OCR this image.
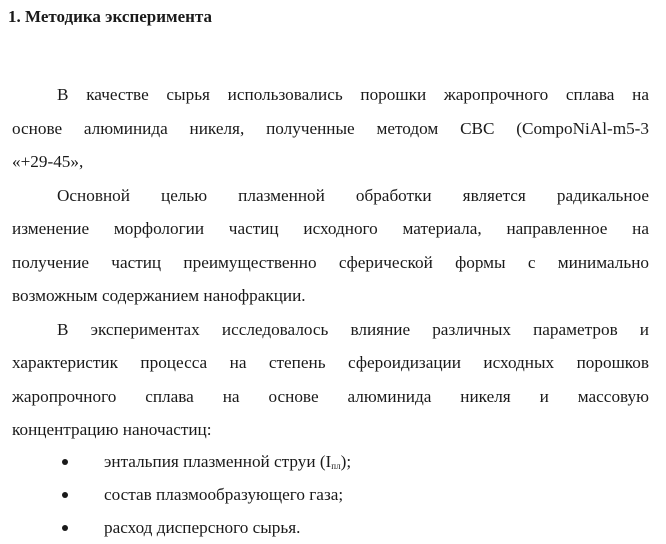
1. Методика эксперимента
В качестве сырья использовались порошки жаропрочного сплава на
основе алюминида никеля, полученные методом СВС (CompoNiAl-m5-3
«+29-45»,
Основной целью плазменной обработки является радикальное
изменение морфологии частиц исходного материала, направленное на
получение частиц преимущественно сферической формы с минимально
возможным содержанием нанофракции.
В экспериментах исследовалось влияние различных параметров и
характеристик процесса на степень сфероидизации исходных порошков
жаропрочного сплава на основе алюминида никеля и массовую
концентрацию наночастиц:
энтальпия плазменной струи $(I_{пл})$;
состав плазмообразующего газа;
расход дисперсного сырья.
